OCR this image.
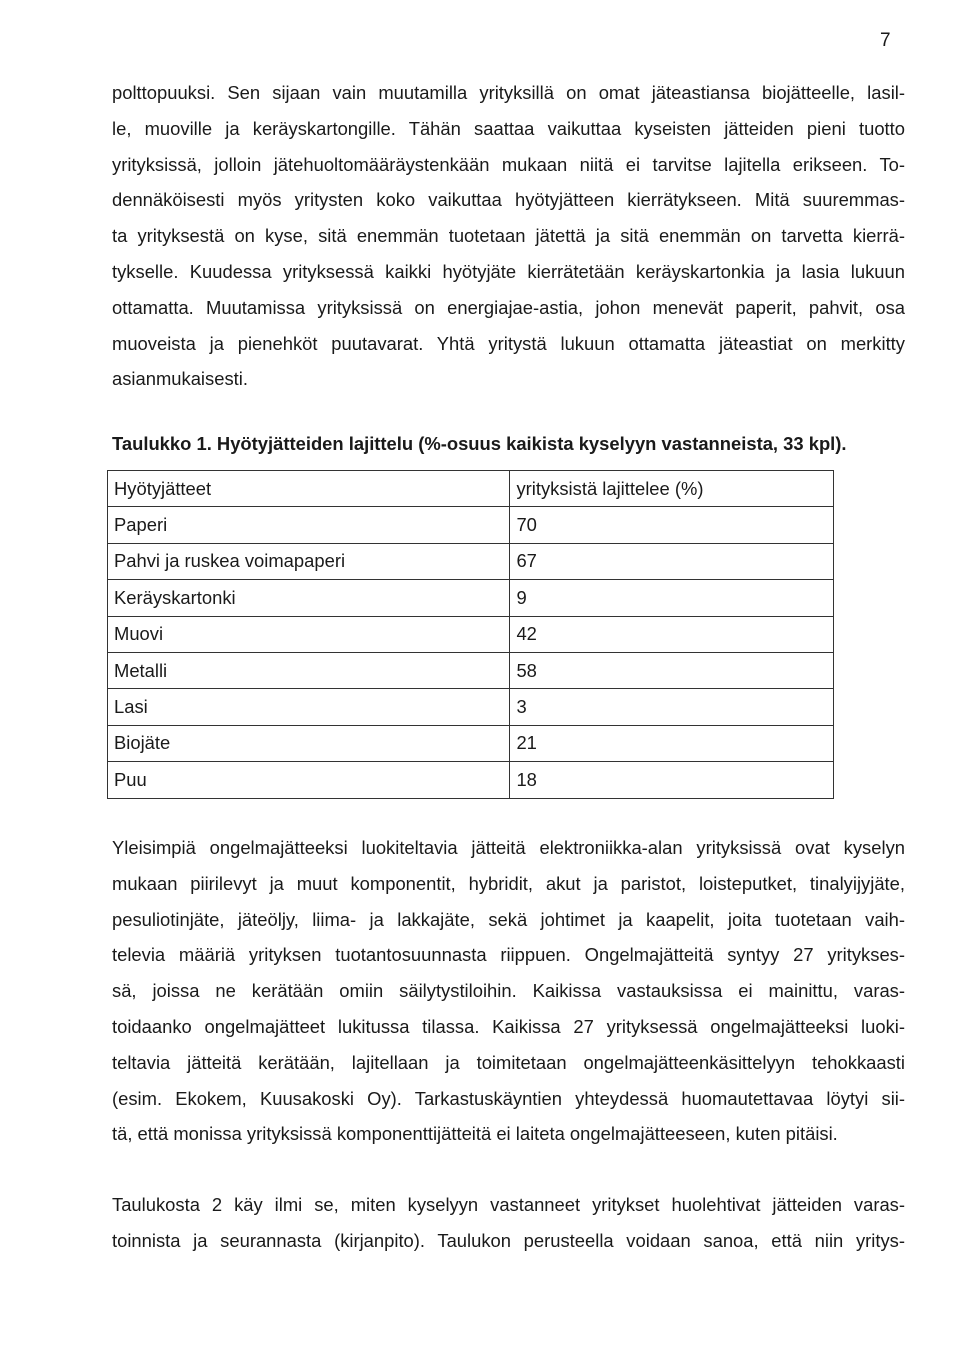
7

polttopuuksi. Sen sijaan vain muutamilla yrityksillä on omat jäteastiansa biojätteelle, lasil-
le, muoville ja keräyskartongille. Tähän saattaa vaikuttaa kyseisten jätteiden pieni tuotto
yrityksissä, jolloin jätehuoltomääräystenkään mukaan niitä ei tarvitse lajitella erikseen. To-
dennäköisesti myös yritysten koko vaikuttaa hyötyjätteen kierrätykseen. Mitä suuremmas-
ta yrityksestä on kyse, sitä enemmän tuotetaan jätettä ja sitä enemmän on tarvetta kierrä-
tykselle. Kuudessa yrityksessä kaikki hyötyjäte kierrätetään keräyskartonkia ja lasia lukuun
ottamatta. Muutamissa yrityksissä on energiajae-astia, johon menevät paperit, pahvit, osa
muoveista ja pienehköt puutavarat. Yhtä yritystä lukuun ottamatta jäteastiat on merkitty
asianmukaisesti.

Taulukko 1. Hyötyjätteiden lajittelu (%-osuus kaikista kyselyyn vastanneista, 33 kpl).
Hyötyjätteet	yrityksistä lajittelee (%)
Paperi	70
Pahvi ja ruskea voimapaperi	67
Keräyskartonki	9
Muovi	42
Metalli	58
Lasi	3
Biojäte	21
Puu	18

Yleisimpiä ongelmajätteeksi luokiteltavia jätteitä elektroniikka-alan yrityksissä ovat kyselyn
mukaan piirilevyt ja muut komponentit, hybridit, akut ja paristot, loisteputket, tinalyijyjäte,
pesuliotinjäte, jäteöljy, liima- ja lakkajäte, sekä johtimet ja kaapelit, joita tuotetaan vaih-
televia määriä yrityksen tuotantosuunnasta riippuen. Ongelmajätteitä syntyy 27 yritykses-
sä, joissa ne kerätään omiin säilytystiloihin. Kaikissa vastauksissa ei mainittu, varas-
toidaanko ongelmajätteet lukitussa tilassa. Kaikissa 27 yrityksessä ongelmajätteeksi luoki-
teltavia jätteitä kerätään, lajitellaan ja toimitetaan ongelmajätteenkäsittelyyn tehokkaasti
(esim. Ekokem, Kuusakoski Oy). Tarkastuskäyntien yhteydessä huomautettavaa löytyi sii-
tä, että monissa yrityksissä komponenttijätteitä ei laiteta ongelmajätteeseen, kuten pitäisi.

Taulukosta 2 käy ilmi se, miten kyselyyn vastanneet yritykset huolehtivat jätteiden varas-
toinnista ja seurannasta (kirjanpito). Taulukon perusteella voidaan sanoa, että niin yritys-
